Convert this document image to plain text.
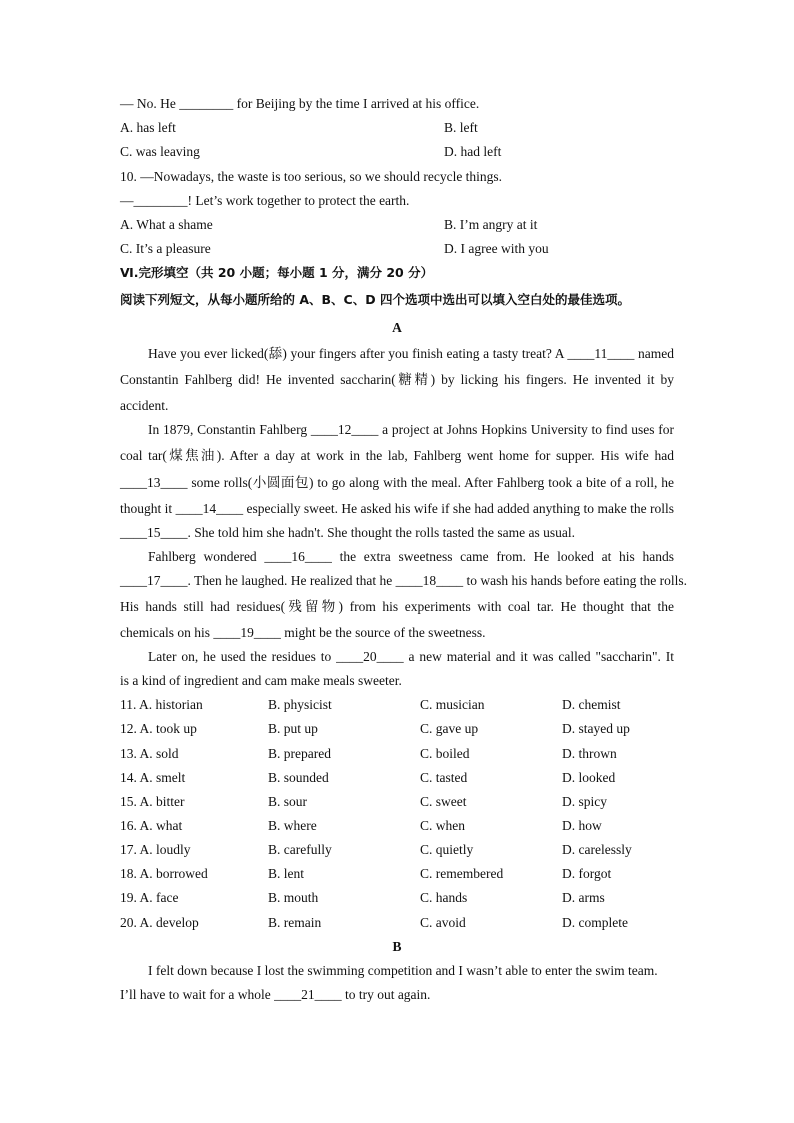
— No. He ________ for Beijing by the time I arrived at his office.
A. has left	B. left
C. was leaving	D. had left
10. —Nowadays, the waste is too serious, so we should recycle things.
—________! Let’s work together to protect the earth.
A. What a shame	B. I’m angry at it
C. It’s a pleasure	D. I agree with you
Ⅵ.完形填空（共 20 小题；每小题 1 分，满分 20 分）
阅读下列短文，从每小题所给的 A、B、C、D 四个选项中选出可以填入空白处的最佳选项。
A
Have you ever licked(舔) your fingers after you finish eating a tasty treat? A ____11____ named
Constantin Fahlberg did! He invented saccharin(糖精) by licking his fingers. He invented it by
accident.
In 1879, Constantin Fahlberg ____12____ a project at Johns Hopkins University to find uses for
coal tar(煤焦油). After a day at work in the lab, Fahlberg went home for supper. His wife had
____13____ some rolls(小圆面包) to go along with the meal. After Fahlberg took a bite of a roll, he
thought it ____14____ especially sweet. He asked his wife if she had added anything to make the rolls
____15____. She told him she hadn't. She thought the rolls tasted the same as usual.
Fahlberg wondered ____16____ the extra sweetness came from. He looked at his hands
____17____. Then he laughed. He realized that he ____18____ to wash his hands before eating the rolls.
His hands still had residues(残留物) from his experiments with coal tar. He thought that the
chemicals on his ____19____ might be the source of the sweetness.
Later on, he used the residues to ____20____ a new material and it was called "saccharin". It
is a kind of ingredient and cam make meals sweeter.
11. A. historian	B. physicist	C. musician	D. chemist
12. A. took up	B. put up	C. gave up	D. stayed up
13. A. sold	B. prepared	C. boiled	D. thrown
14. A. smelt	B. sounded	C. tasted	D. looked
15. A. bitter	B. sour	C. sweet	D. spicy
16. A. what	B. where	C. when	D. how
17. A. loudly	B. carefully	C. quietly	D. carelessly
18. A. borrowed	B. lent	C. remembered	D. forgot
19. A. face	B. mouth	C. hands	D. arms
20. A. develop	B. remain	C. avoid	D. complete
B
I felt down because I lost the swimming competition and I wasn’t able to enter the swim team.
I’ll have to wait for a whole ____21____ to try out again.
